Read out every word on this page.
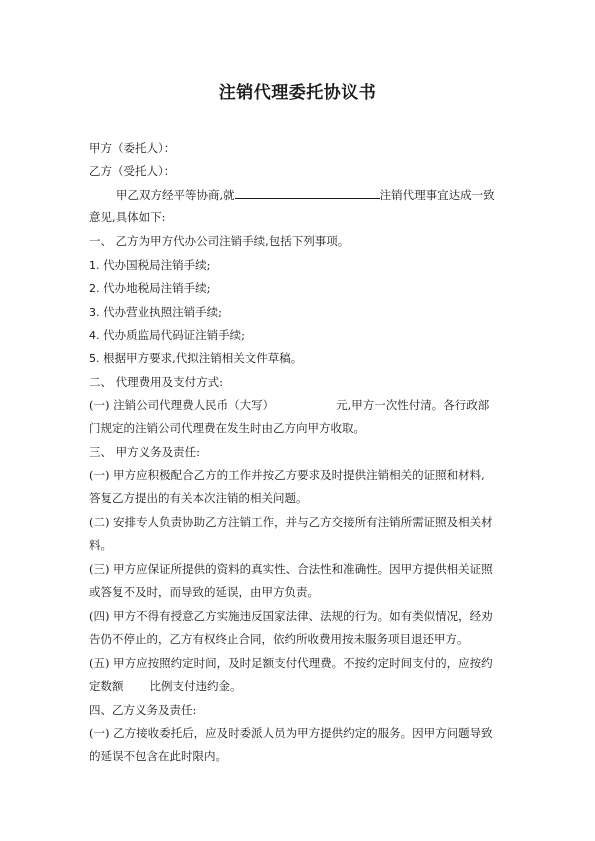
注销代理委托协议书
甲方（委托人）：
乙方（受托人）：
甲乙双方经平等协商,就	注销代理事宜达成一致
意见,具体如下:
一、 乙方为甲方代办公司注销手续,包括下列事项。
1. 代办国税局注销手续;
2. 代办地税局注销手续;
3. 代办营业执照注销手续;
4. 代办质监局代码证注销手续;
5. 根据甲方要求,代拟注销相关文件草稿。
二、 代理费用及支付方式:
(一) 注销公司代理费人民币（大写）	元,甲方一次性付清。各行政部
门规定的注销公司代理费在发生时由乙方向甲方收取。
三、 甲方义务及责任:
(一) 甲方应积极配合乙方的工作并按乙方要求及时提供注销相关的证照和材料,
答复乙方提出的有关本次注销的相关问题。
(二) 安排专人负责协助乙方注销工作，并与乙方交接所有注销所需证照及相关材
料。
(三) 甲方应保证所提供的资料的真实性、合法性和准确性。因甲方提供相关证照
或答复不及时，而导致的延误，由甲方负责。
(四) 甲方不得有授意乙方实施违反国家法律、法规的行为。如有类似情况，经劝
告仍不停止的，乙方有权终止合同，依约所收费用按未服务项目退还甲方。
(五) 甲方应按照约定时间，及时足额支付代理费。不按约定时间支付的，应按约
定数额 比例支付违约金。
四、乙方义务及责任:
(一) 乙方接收委托后，应及时委派人员为甲方提供约定的服务。因甲方问题导致
的延误不包含在此时限内。
